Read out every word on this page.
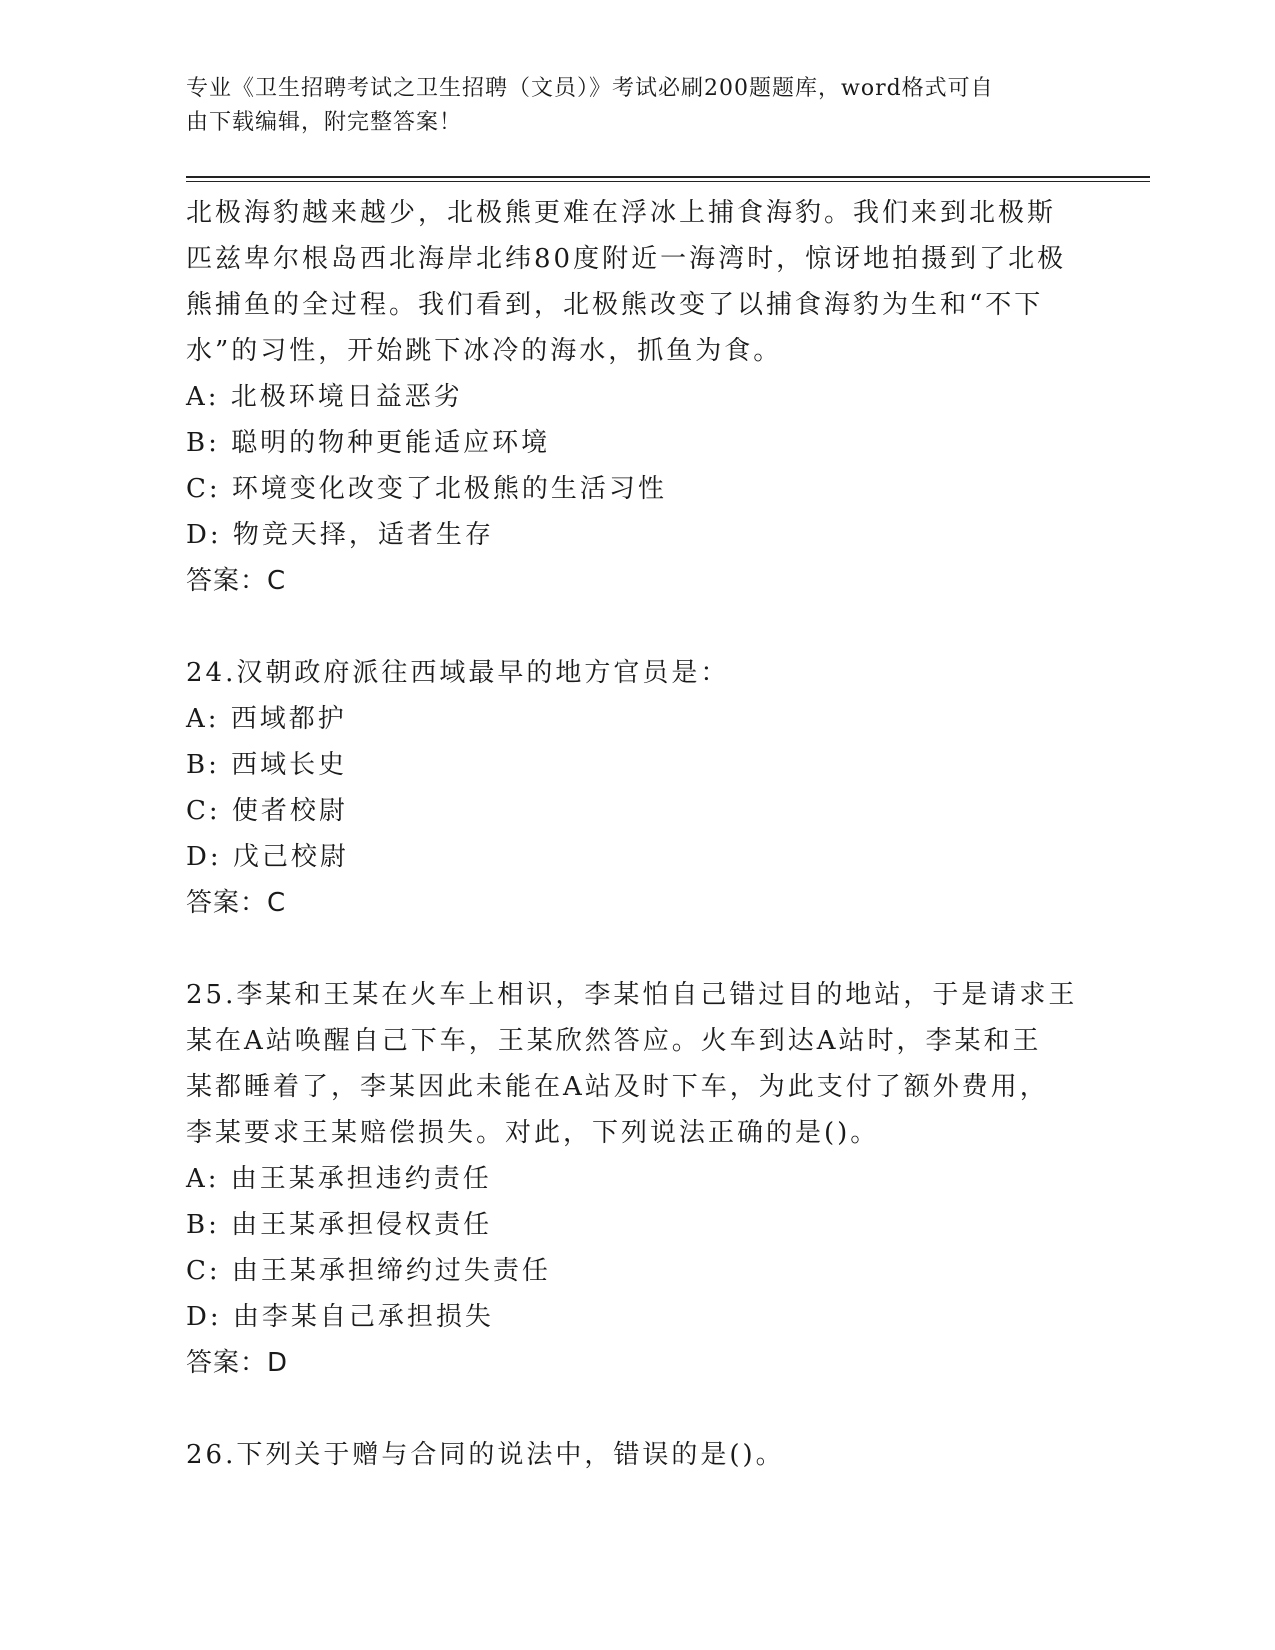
专业《卫生招聘考试之卫生招聘（文员）》考试必刷200题题库，word格式可自
由下载编辑，附完整答案！
北极海豹越来越少，北极熊更难在浮冰上捕食海豹。我们来到北极斯
匹兹卑尔根岛西北海岸北纬80度附近一海湾时，惊讶地拍摄到了北极
熊捕鱼的全过程。我们看到，北极熊改变了以捕食海豹为生和“不下
水”的习性，开始跳下冰冷的海水，抓鱼为食。
A: 北极环境日益恶劣
B: 聪明的物种更能适应环境
C: 环境变化改变了北极熊的生活习性
D: 物竞天择，适者生存
答案：C
24.汉朝政府派往西域最早的地方官员是：
A: 西域都护
B: 西域长史
C: 使者校尉
D: 戊己校尉
答案：C
25.李某和王某在火车上相识，李某怕自己错过目的地站，于是请求王
某在A站唤醒自己下车，王某欣然答应。火车到达A站时，李某和王
某都睡着了，李某因此未能在A站及时下车，为此支付了额外费用，
李某要求王某赔偿损失。对此，下列说法正确的是()。
A: 由王某承担违约责任
B: 由王某承担侵权责任
C: 由王某承担缔约过失责任
D: 由李某自己承担损失
答案：D
26.下列关于赠与合同的说法中，错误的是()。
